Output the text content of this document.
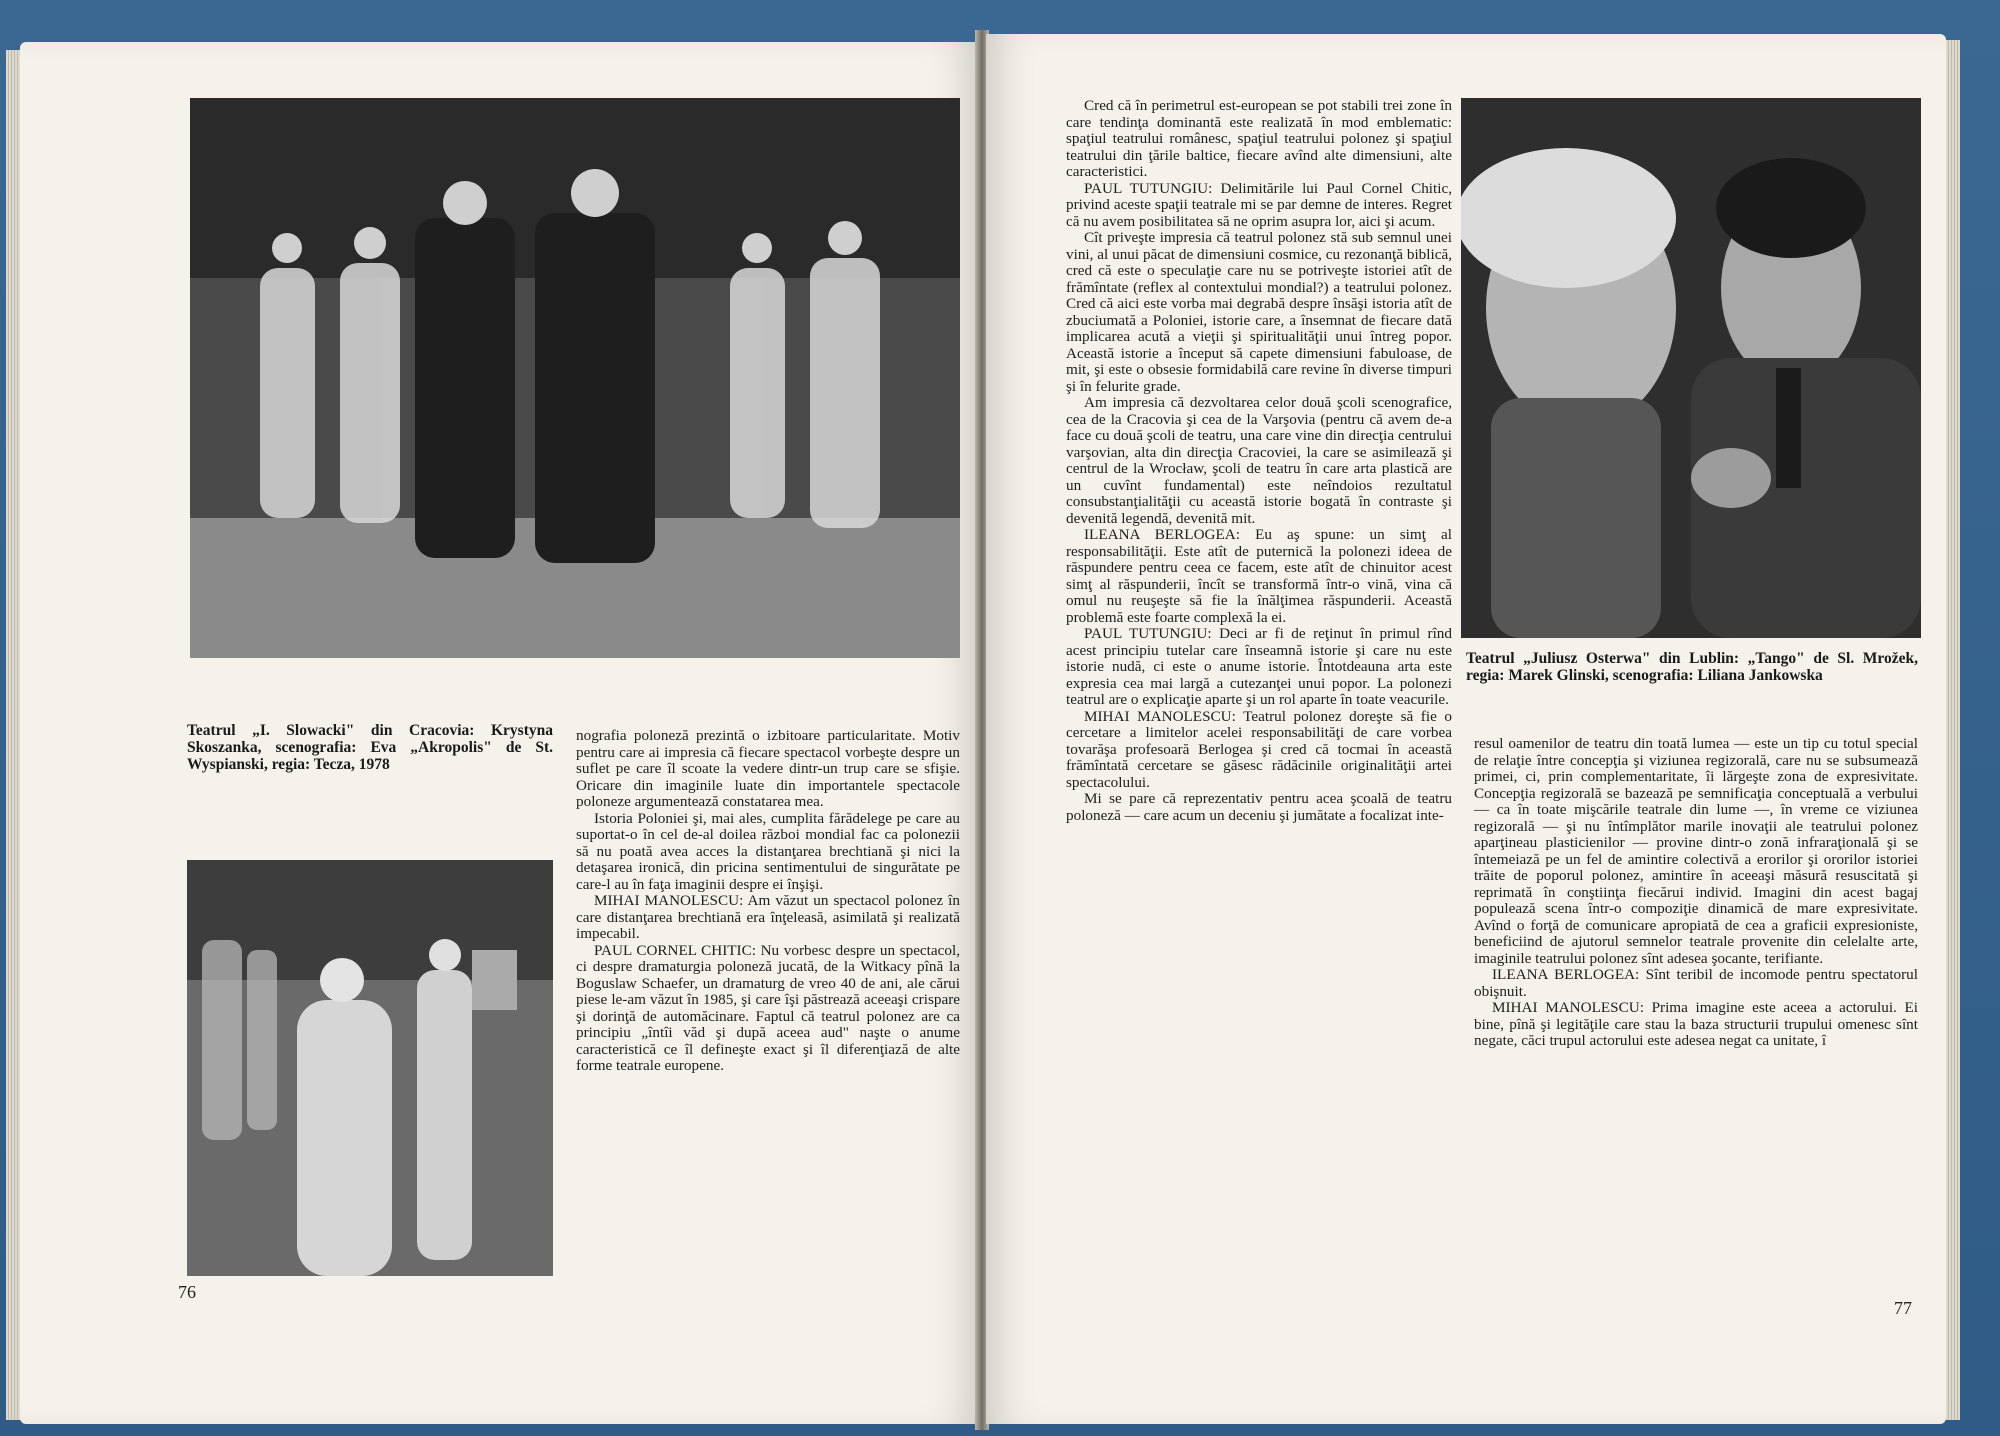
Teatrul „I. Slowacki" din Cracovia: Krystyna Skoszanka, scenografia: Eva „Akropolis" de St. Wyspianski, regia: Tecza, 1978

nografia poloneză prezintă o izbitoare particularitate. Motiv pentru care ai impresia că fiecare spectacol vorbeşte despre un suflet pe care îl scoate la vedere dintr-un trup care se sfişie. Oricare din imaginile luate din importantele spectacole poloneze argumentează constatarea mea.

Istoria Poloniei şi, mai ales, cumplita fărădelege pe care au suportat-o în cel de-al doilea război mondial fac ca polonezii să nu poată avea acces la distanţarea brechtiană şi nici la detaşarea ironică, din pricina sentimentului de singurătate pe care-l au în faţa imaginii despre ei înşişi.

MIHAI MANOLESCU: Am văzut un spectacol polonez în care distanţarea brechtiană era înţeleasă, asimilată şi realizată impecabil.

PAUL CORNEL CHITIC: Nu vorbesc despre un spectacol, ci despre dramaturgia poloneză jucată, de la Witkacy pînă la Boguslaw Schaefer, un dramaturg de vreo 40 de ani, ale cărui piese le-am văzut în 1985, şi care îşi păstrează aceeaşi crispare şi dorinţă de automăcinare. Faptul că teatrul polonez are ca principiu „întîi văd şi după aceea aud" naşte o anume caracteristică ce îl defineşte exact şi îl diferenţiază de alte forme teatrale europene.

76

Cred că în perimetrul est-european se pot stabili trei zone în care tendinţa dominantă este realizată în mod emblematic: spaţiul teatrului românesc, spaţiul teatrului polonez şi spaţiul teatrului din ţările baltice, fiecare avînd alte dimensiuni, alte caracteristici.

PAUL TUTUNGIU: Delimitările lui Paul Cornel Chitic, privind aceste spaţii teatrale mi se par demne de interes. Regret că nu avem posibilitatea să ne oprim asupra lor, aici şi acum.

Cît priveşte impresia că teatrul polonez stă sub semnul unei vini, al unui păcat de dimensiuni cosmice, cu rezonanţă biblică, cred că este o speculaţie care nu se potriveşte istoriei atît de frămîntate (reflex al contextului mondial?) a teatrului polonez. Cred că aici este vorba mai degrabă despre însăşi istoria atît de zbuciumată a Poloniei, istorie care, a însemnat de fiecare dată implicarea acută a vieţii şi spiritualităţii unui întreg popor. Această istorie a început să capete dimensiuni fabuloase, de mit, şi este o obsesie formidabilă care revine în diverse timpuri şi în felurite grade.

Am impresia că dezvoltarea celor două şcoli scenografice, cea de la Cracovia şi cea de la Varşovia (pentru că avem de-a face cu două şcoli de teatru, una care vine din direcţia centrului varşovian, alta din direcţia Cracoviei, la care se asimilează şi centrul de la Wrocław, şcoli de teatru în care arta plastică are un cuvînt fundamental) este neîndoios rezultatul consubstanţialităţii cu această istorie bogată în contraste şi devenită legendă, devenită mit.

ILEANA BERLOGEA: Eu aş spune: un simţ al responsabilităţii. Este atît de puternică la polonezi ideea de răspundere pentru ceea ce facem, este atît de chinuitor acest simţ al răspunderii, încît se transformă într-o vină, vina că omul nu reuşeşte să fie la înălţimea răspunderii. Această problemă este foarte complexă la ei.

PAUL TUTUNGIU: Deci ar fi de reţinut în primul rînd acest principiu tutelar care înseamnă istorie şi care nu este istorie nudă, ci este o anume istorie. Întotdeauna arta este expresia cea mai largă a cutezanţei unui popor. La polonezi teatrul are o explicaţie aparte şi un rol aparte în toate veacurile.

MIHAI MANOLESCU: Teatrul polonez doreşte să fie o cercetare a limitelor acelei responsabilităţi de care vorbea tovarăşa profesoară Berlogea şi cred că tocmai în această frămîntată cercetare se găsesc rădăcinile originalităţii artei spectacolului.

Mi se pare că reprezentativ pentru acea şcoală de teatru poloneză — care acum un deceniu şi jumătate a focalizat inte-

Teatrul „Juliusz Osterwa" din Lublin: „Tango" de Sl. Mrožek, regia: Marek Glinski, scenografia: Liliana Jankowska

resul oamenilor de teatru din toată lumea — este un tip cu totul special de relaţie între concepţia şi viziunea regizorală, care nu se subsumează primei, ci, prin complementaritate, îi lărgeşte zona de expresivitate. Concepţia regizorală se bazează pe semnificaţia conceptuală a verbului — ca în toate mişcările teatrale din lume —, în vreme ce viziunea regizorală — şi nu întîmplător marile inovaţii ale teatrului polonez aparţineau plasticienilor — provine dintr-o zonă infraraţională şi se întemeiază pe un fel de amintire colectivă a erorilor şi ororilor istoriei trăite de poporul polonez, amintire în aceeaşi măsură resuscitată şi reprimată în conştiinţa fiecărui individ. Imagini din acest bagaj populează scena într-o compoziţie dinamică de mare expresivitate. Avînd o forţă de comunicare apropiată de cea a graficii expresioniste, beneficiind de ajutorul semnelor teatrale provenite din celelalte arte, imaginile teatrului polonez sînt adesea şocante, terifiante.

ILEANA BERLOGEA: Sînt teribil de incomode pentru spectatorul obişnuit.

MIHAI MANOLESCU: Prima imagine este aceea a actorului. Ei bine, pînă şi legităţile care stau la baza structurii trupului omenesc sînt negate, căci trupul actorului este adesea negat ca unitate, î

77
